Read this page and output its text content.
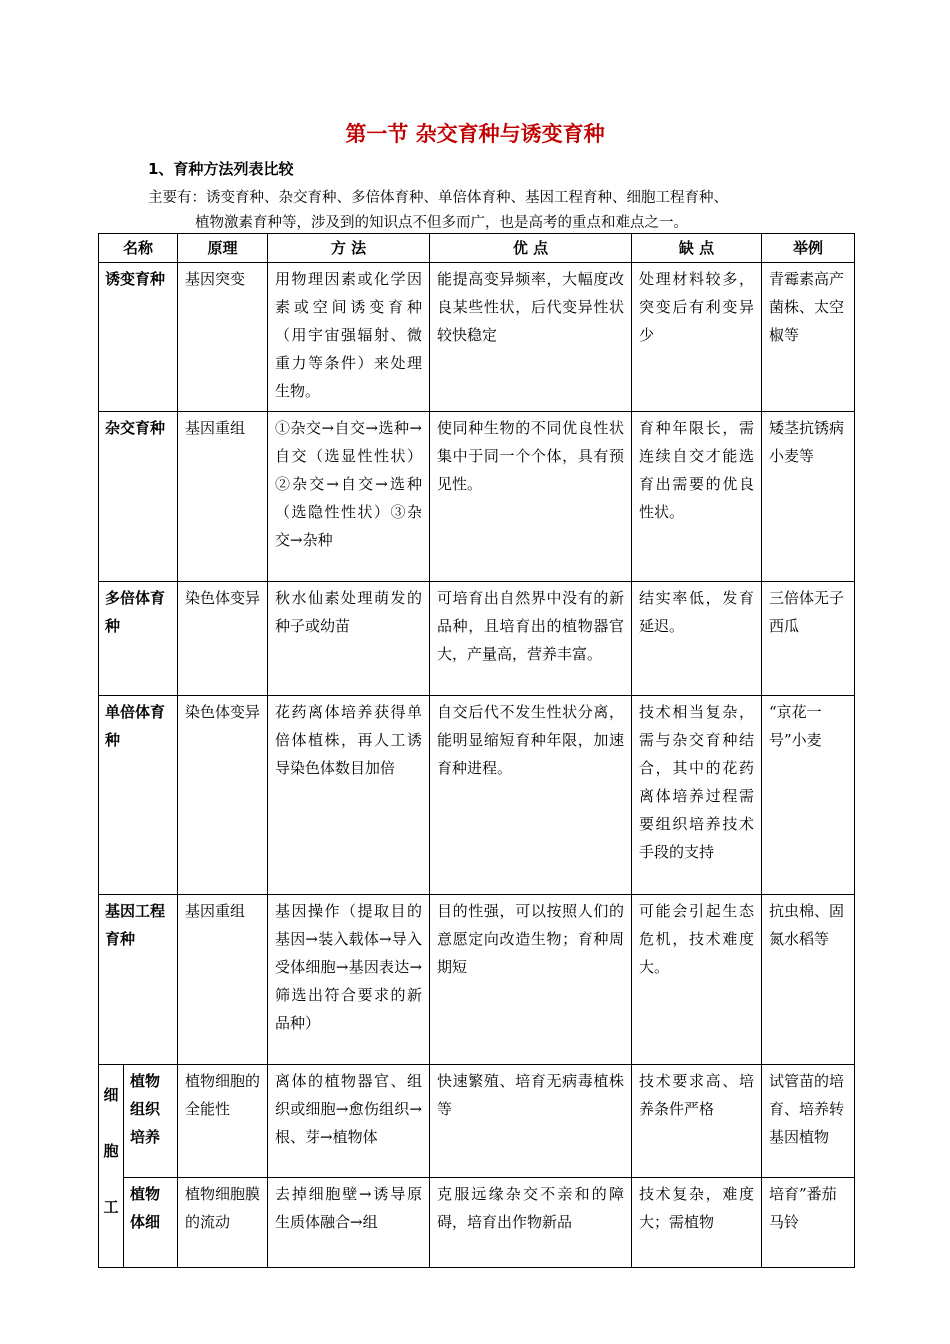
第一节 杂交育种与诱变育种
1、育种方法列表比较
主要有：诱变育种、杂交育种、多倍体育种、单倍体育种、基因工程育种、细胞工程育种、
植物激素育种等，涉及到的知识点不但多而广，也是高考的重点和难点之一。
名称		原理	方 法	优 点	缺 点	举例
诱变育种		基因突变	用物理因素或化学因素或空间诱变育种（用宇宙强辐射、微重力等条件）来处理生物。	能提高变异频率，大幅度改良某些性状，后代变异性状较快稳定	处理材料较多，突变后有利变异少	青霉素高产菌株、太空椒等
杂交育种		基因重组	①杂交→自交→选种→自交（选显性性状）②杂交→自交→选种（选隐性性状）③杂交→杂种	使同种生物的不同优良性状集中于同一个个体，具有预见性。	育种年限长，需连续自交才能选育出需要的优良性状。	矮茎抗锈病小麦等
多倍体育种		染色体变异	秋水仙素处理萌发的种子或幼苗	可培育出自然界中没有的新品种，且培育出的植物器官大，产量高，营养丰富。	结实率低，发育延迟。	三倍体无子西瓜
单倍体育种		染色体变异	花药离体培养获得单倍体植株，再人工诱导染色体数目加倍	自交后代不发生性状分离，能明显缩短育种年限，加速育种进程。	技术相当复杂，需与杂交育种结合，其中的花药离体培养过程需要组织培养技术手段的支持	“京花一号”小麦
基因工程育种		基因重组	基因操作（提取目的基因→装入载体→导入受体细胞→基因表达→筛选出符合要求的新品种）	目的性强，可以按照人们的意愿定向改造生物；育种周期短	可能会引起生态危机，技术难度大。	抗虫棉、固氮水稻等

细
胞
工	植物组织培养	植物细胞的全能性	离体的植物器官、组织或细胞→愈伤组织→根、芽→植物体	快速繁殖、培育无病毒植株等	技术要求高、培养条件严格	试管苗的培育、培养转基因植物
	植物体细	植物细胞膜的流动	去掉细胞壁→诱导原生质体融合→组	克服远缘杂交不亲和的障碍，培育出作物新品	技术复杂，难度大；需植物	培育”番茄马铃
